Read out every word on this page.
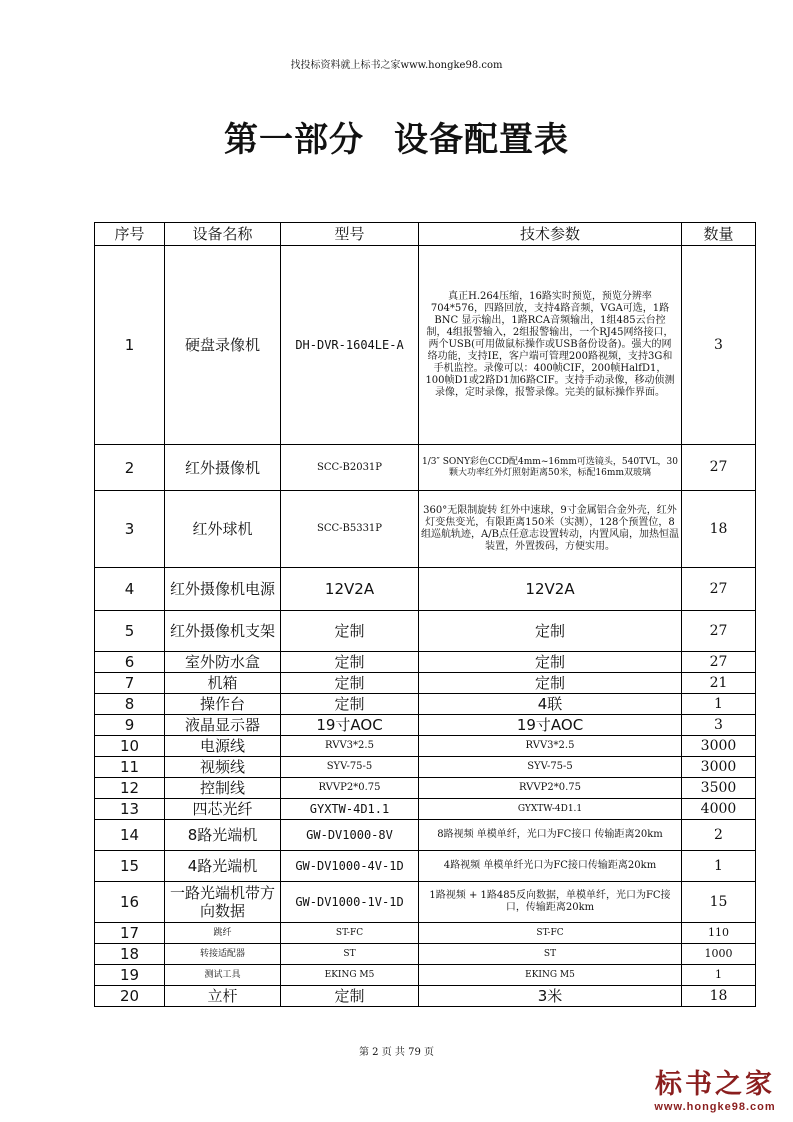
找投标资料就上标书之家www.hongke98.com
第一部分 设备配置表
序号	设备名称	型号	技术参数	数量
1	硬盘录像机	DH-DVR-1604LE-A	真正H.264压缩，16路实时预览，预览分辨率704*576，四路回放，支持4路音频，VGA可选，1路BNC 显示输出，1路RCA音频输出，1组485云台控制，4组报警输入，2组报警输出，一个RJ45网络接口，两个USB(可用做鼠标操作或USB备份设备)。强大的网络功能，支持IE，客户端可管理200路视频，支持3G和手机监控。录像可以：400帧CIF，200帧HalfD1，100帧D1或2路D1加6路CIF。支持手动录像，移动侦测录像，定时录像，报警录像。完美的鼠标操作界面。	3
2	红外摄像机	SCC-B2031P	1/3″ SONY彩色CCD配4mm~16mm可选镜头，540TVL，30颗大功率红外灯照射距离50米，标配16mm双玻璃	27
3	红外球机	SCC-B5331P	360°无限制旋转 红外中速球，9寸金属铝合金外壳，红外灯变焦变光，有限距离150米（实测），128个预置位，8组巡航轨迹，A/B点任意志设置转动，内置风扇，加热恒温装置，外置拨码，方便实用。	18
4	红外摄像机电源	12V2A	12V2A	27
5	红外摄像机支架	定制	定制	27
6	室外防水盒	定制	定制	27
7	机箱	定制	定制	21
8	操作台	定制	4联	1
9	液晶显示器	19寸AOC	19寸AOC	3
10	电源线	RVV3*2.5	RVV3*2.5	3000
11	视频线	SYV-75-5	SYV-75-5	3000
12	控制线	RVVP2*0.75	RVVP2*0.75	3500
13	四芯光纤	GYXTW-4D1.1	GYXTW-4D1.1	4000
14	8路光端机	GW-DV1000-8V	8路视频 单模单纤，光口为FC接口 传输距离20km	2
15	4路光端机	GW-DV1000-4V-1D	4路视频 单模单纤光口为FC接口传输距离20km	1
16	一路光端机带方向数据	GW-DV1000-1V-1D	1路视频 + 1路485反向数据，单模单纤，光口为FC接口，传输距离20km	15
17	跳纤	ST-FC	ST-FC	110
18	转接适配器	ST	ST	1000
19	测试工具	EKING M5	EKING M5	1
20	立杆	定制	3米	18
第 2 页 共 79 页
标书之家
www.hongke98.com
